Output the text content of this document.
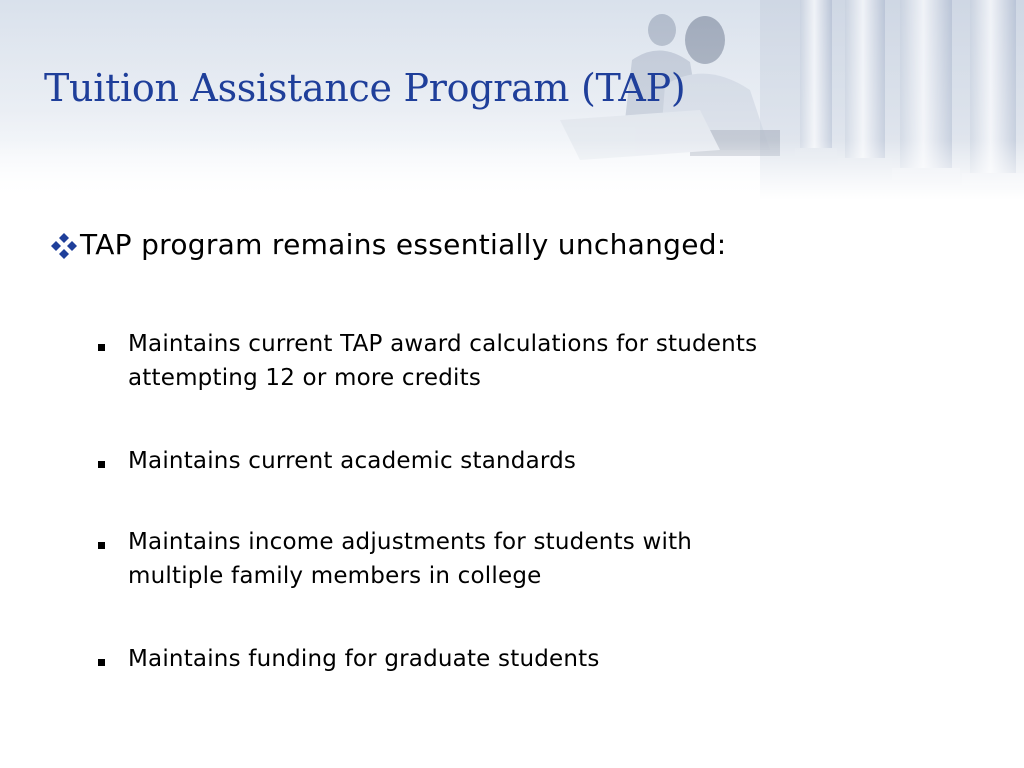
Tuition Assistance Program (TAP)
TAP program remains essentially unchanged:
Maintains current TAP award calculations for students
attempting 12 or more credits
Maintains current academic standards
Maintains income adjustments for students with
multiple family members in college
Maintains funding for graduate students
